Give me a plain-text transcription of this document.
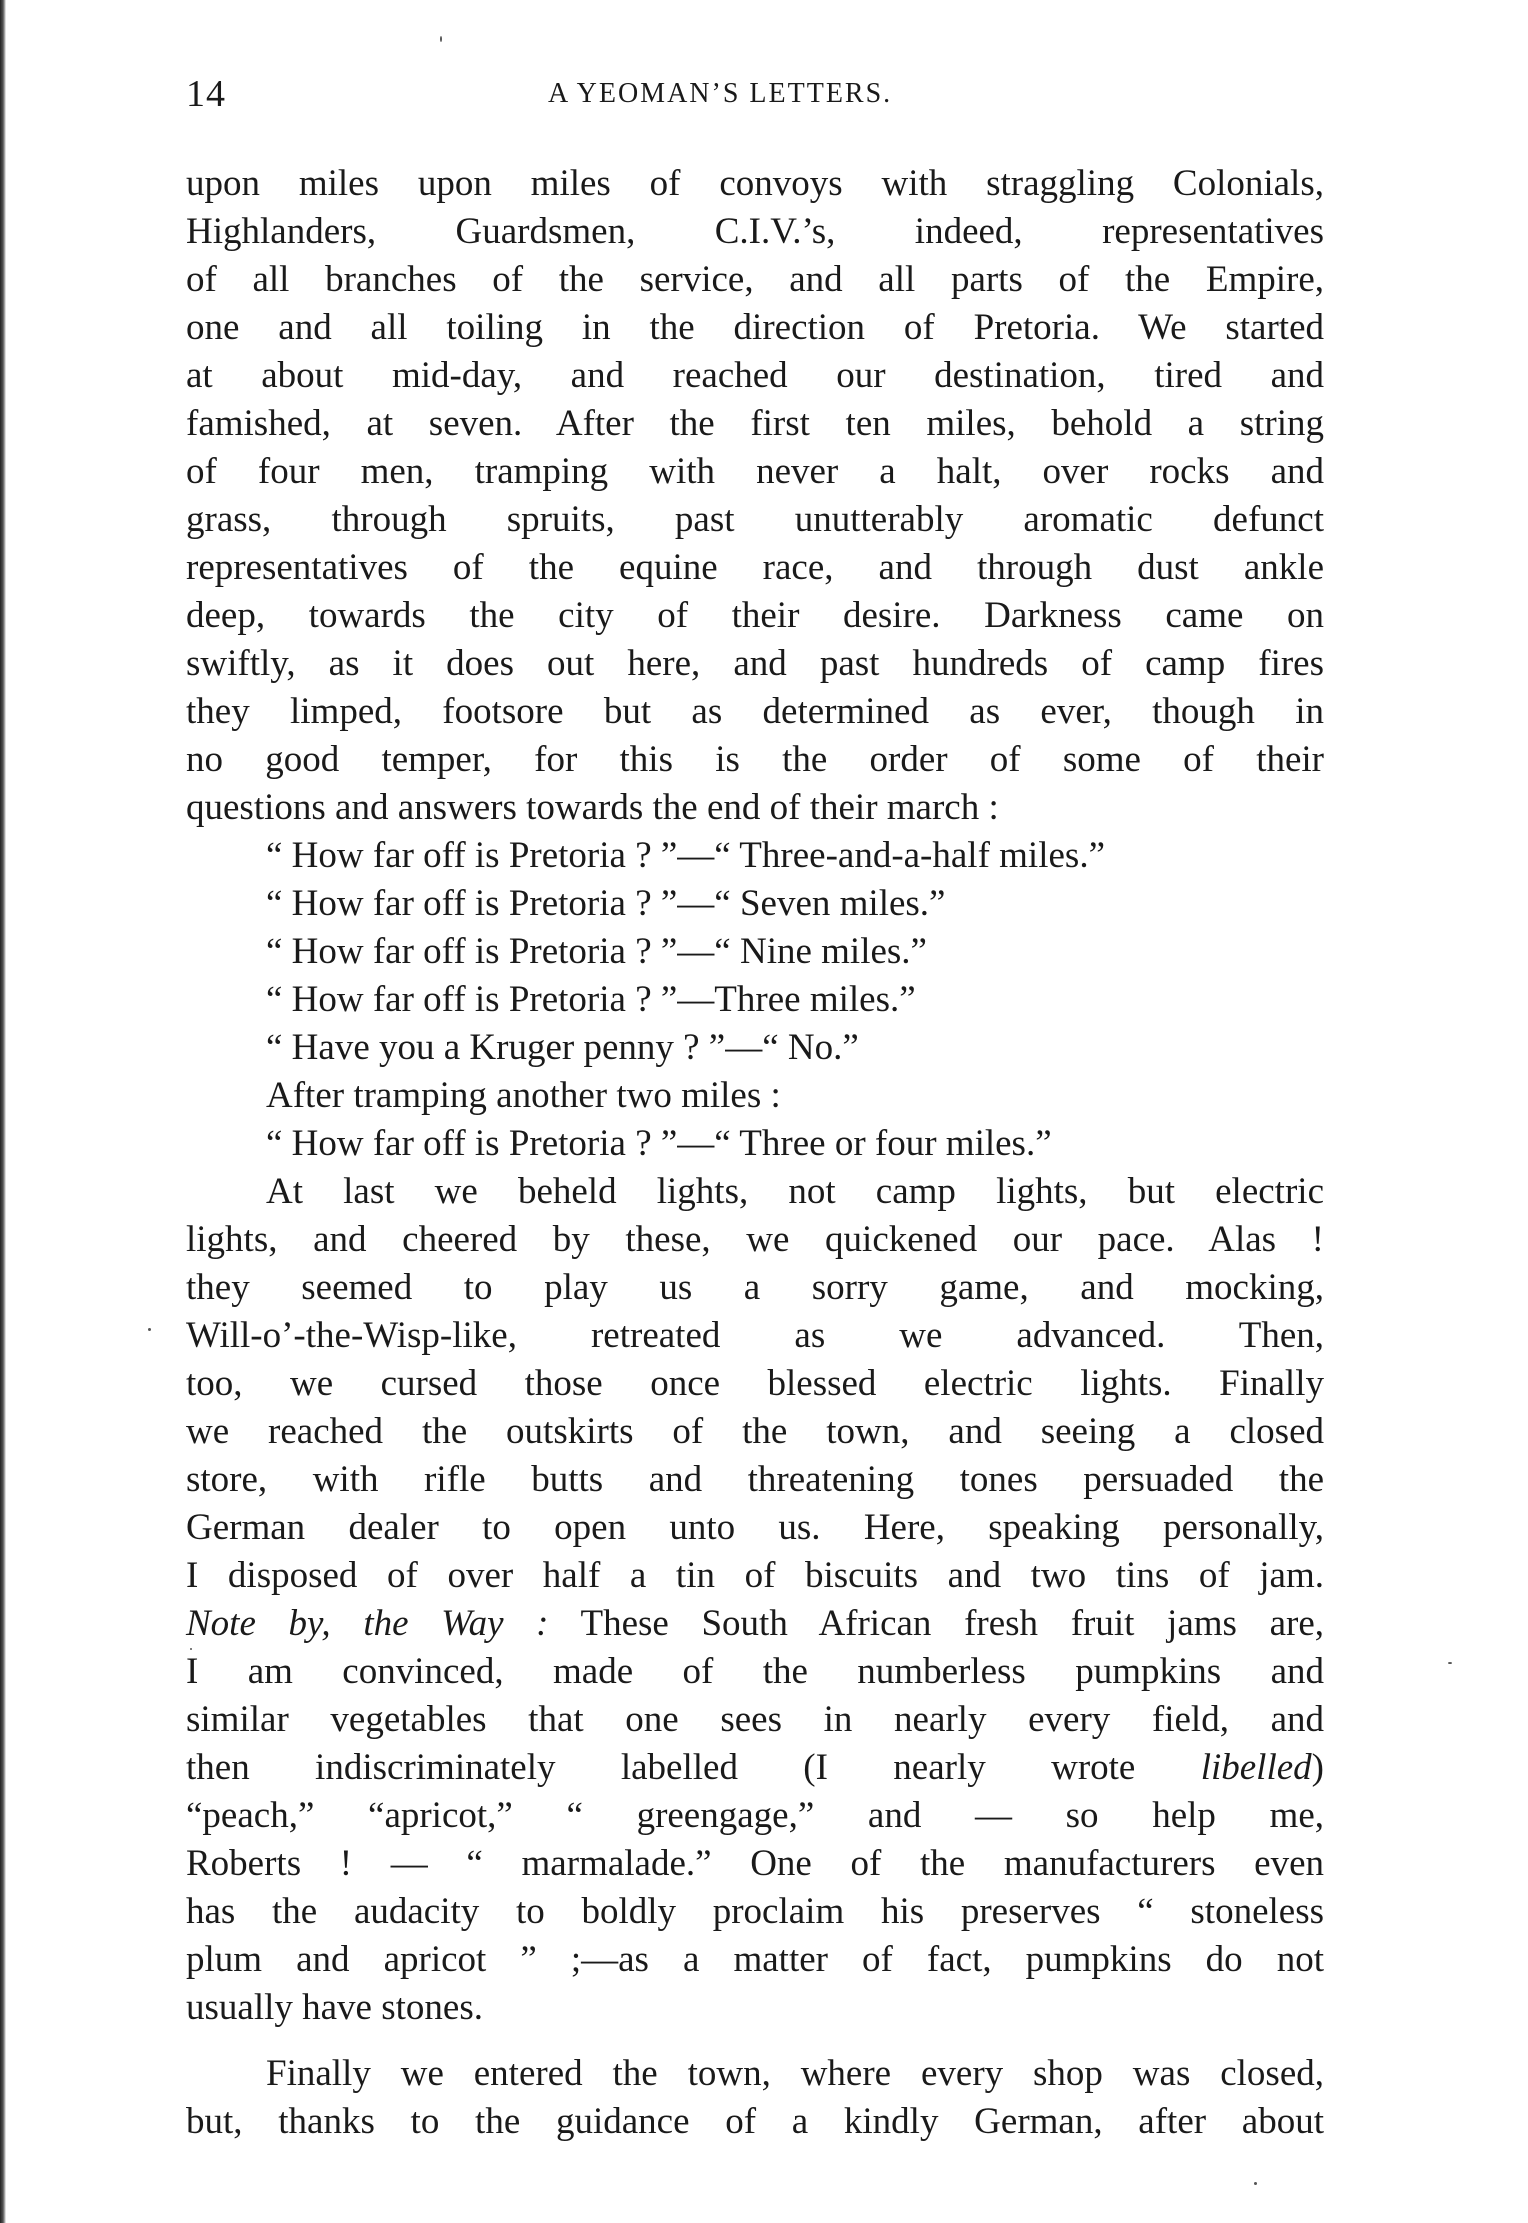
14	A YEOMAN’S LETTERS.

upon miles upon miles of convoys with straggling Colonials,
Highlanders, Guardsmen, C.I.V.’s, indeed, representatives
of all branches of the service, and all parts of the Empire,
one and all toiling in the direction of Pretoria. We started
at about mid-day, and reached our destination, tired and
famished, at seven. After the first ten miles, behold a string
of four men, tramping with never a halt, over rocks and
grass, through spruits, past unutterably aromatic defunct
representatives of the equine race, and through dust ankle
deep, towards the city of their desire. Darkness came on
swiftly, as it does out here, and past hundreds of camp fires
they limped, footsore but as determined as ever, though in
no good temper, for this is the order of some of their
questions and answers towards the end of their march :

“ How far off is Pretoria ? ”—“ Three-and-a-half miles.”
“ How far off is Pretoria ? ”—“ Seven miles.”
“ How far off is Pretoria ? ”—“ Nine miles.”
“ How far off is Pretoria ? ”—Three miles.”
“ Have you a Kruger penny ? ”—“ No.”
After tramping another two miles :
“ How far off is Pretoria ? ”—“ Three or four miles.”

At last we beheld lights, not camp lights, but electric
lights, and cheered by these, we quickened our pace. Alas !
they seemed to play us a sorry game, and mocking,
Will-o’-the-Wisp-like, retreated as we advanced. Then,
too, we cursed those once blessed electric lights. Finally
we reached the outskirts of the town, and seeing a closed
store, with rifle butts and threatening tones persuaded the
German dealer to open unto us. Here, speaking personally,
I disposed of over half a tin of biscuits and two tins of jam.
Note by, the Way : These South African fresh fruit jams are,
I am convinced, made of the numberless pumpkins and
similar vegetables that one sees in nearly every field, and
then indiscriminately labelled (I nearly wrote libelled)
“peach,” “apricot,” “ greengage,” and — so help me,
Roberts ! — “ marmalade.” One of the manufacturers even
has the audacity to boldly proclaim his preserves “ stoneless
plum and apricot ” ;—as a matter of fact, pumpkins do not
usually have stones.

Finally we entered the town, where every shop was closed,
but, thanks to the guidance of a kindly German, after about
